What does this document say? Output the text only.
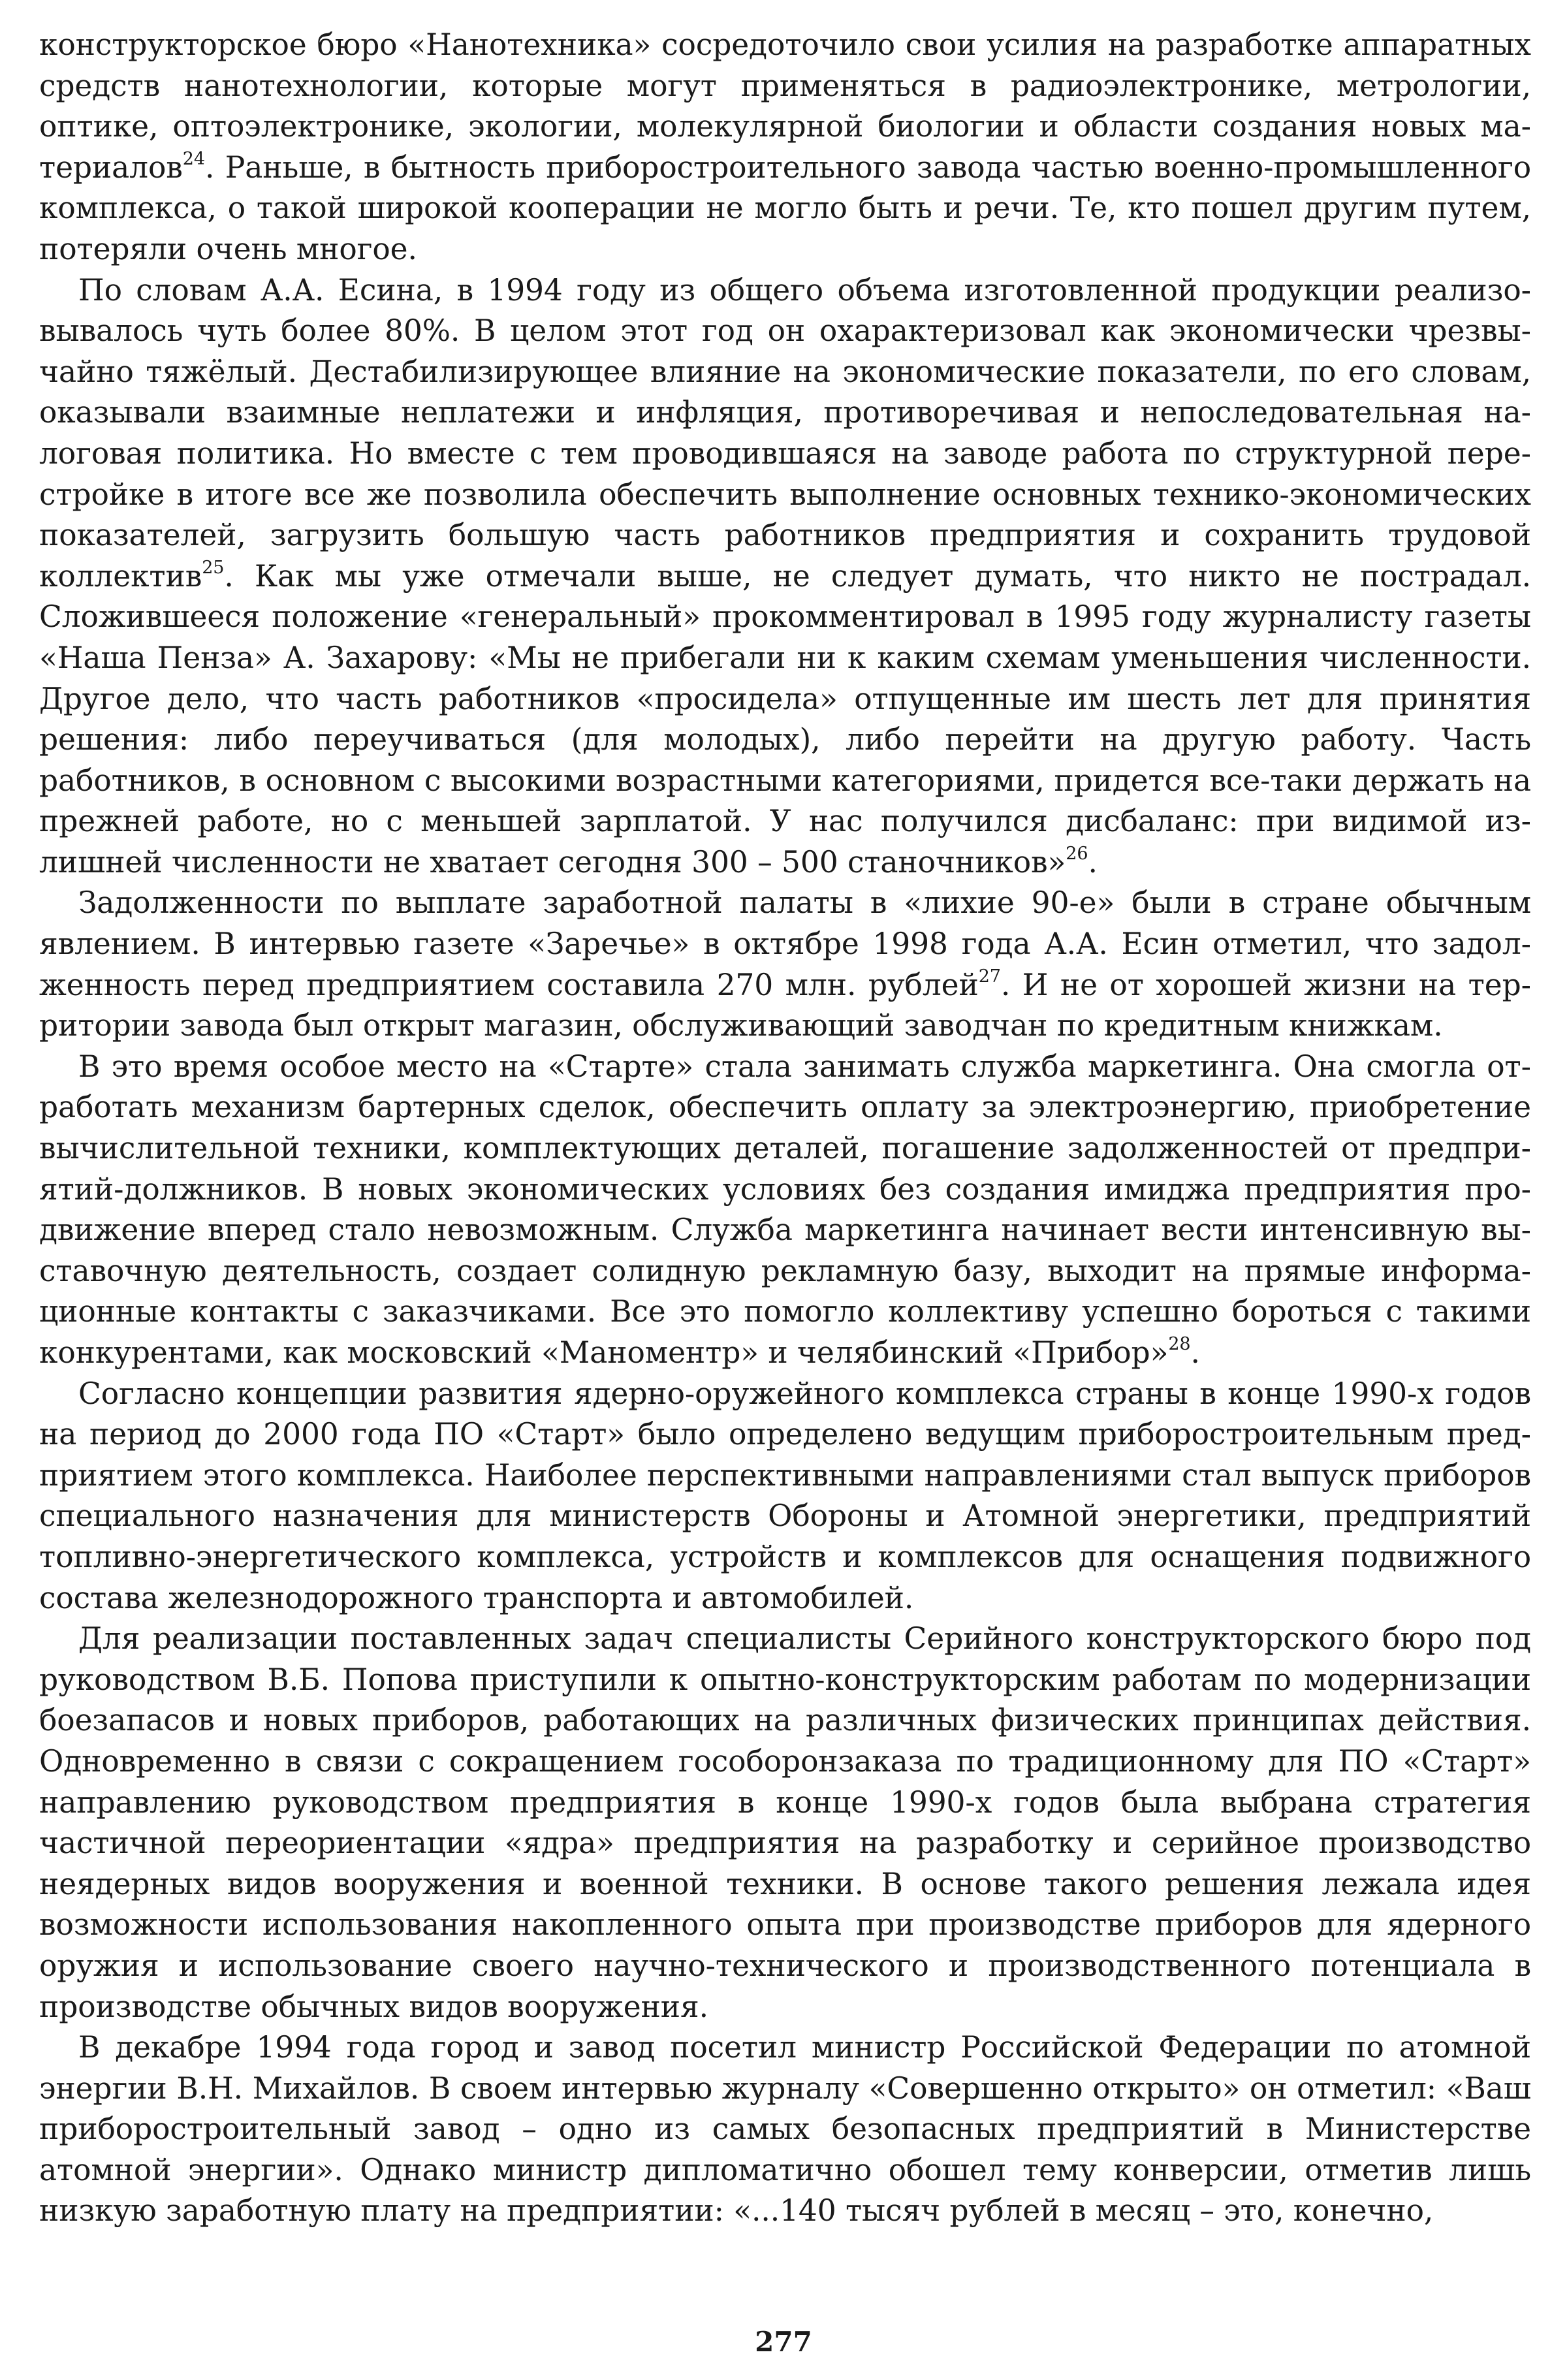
конструкторское бюро «Нанотехника» сосредоточило свои усилия на разработке аппаратных средств нанотехнологии, которые могут применяться в радиоэлектронике, метрологии, оптике, оптоэлектронике, экологии, молекулярной биологии и области создания новых материалов$^{24}$. Раньше, в бытность приборостроительного завода частью военно-промышленного комплекса, о такой широкой кооперации не могло быть и речи. Те, кто пошел другим путем, потеряли очень многое.

По словам А.А. Есина, в 1994 году из общего объема изготовленной продукции реализовывалось чуть более 80%. В целом этот год он охарактеризовал как экономически чрезвычайно тяжёлый. Дестабилизирующее влияние на экономические показатели, по его словам, оказывали взаимные неплатежи и инфляция, противоречивая и непоследовательная налоговая политика. Но вместе с тем проводившаяся на заводе работа по структурной перестройке в итоге все же позволила обеспечить выполнение основных технико-экономических показателей, загрузить большую часть работников предприятия и сохранить трудовой коллектив$^{25}$. Как мы уже отмечали выше, не следует думать, что никто не пострадал. Сложившееся положение «генеральный» прокомментировал в 1995 году журналисту газеты «Наша Пенза» А. Захарову: «Мы не прибегали ни к каким схемам уменьшения численности. Другое дело, что часть работников «просидела» отпущенные им шесть лет для принятия решения: либо переучиваться (для молодых), либо перейти на другую работу. Часть работников, в основном с высокими возрастными категориями, придется все-таки держать на прежней работе, но с меньшей зарплатой. У нас получился дисбаланс: при видимой излишней численности не хватает сегодня 300 – 500 станочников»$^{26}$.

Задолженности по выплате заработной палаты в «лихие 90-е» были в стране обычным явлением. В интервью газете «Заречье» в октябре 1998 года А.А. Есин отметил, что задолженность перед предприятием составила 270 млн. рублей$^{27}$. И не от хорошей жизни на территории завода был открыт магазин, обслуживающий заводчан по кредитным книжкам.

В это время особое место на «Старте» стала занимать служба маркетинга. Она смогла отработать механизм бартерных сделок, обеспечить оплату за электроэнергию, приобретение вычислительной техники, комплектующих деталей, погашение задолженностей от предприятий-должников. В новых экономических условиях без создания имиджа предприятия продвижение вперед стало невозможным. Служба маркетинга начинает вести интенсивную выставочную деятельность, создает солидную рекламную базу, выходит на прямые информационные контакты с заказчиками. Все это помогло коллективу успешно бороться с такими конкурентами, как московский «Маноментр» и челябинский «Прибор»$^{28}$.

Согласно концепции развития ядерно-оружейного комплекса страны в конце 1990-х годов на период до 2000 года ПО «Старт» было определено ведущим приборостроительным предприятием этого комплекса. Наиболее перспективными направлениями стал выпуск приборов специального назначения для министерств Обороны и Атомной энергетики, предприятий топливно-энергетического комплекса, устройств и комплексов для оснащения подвижного состава железнодорожного транспорта и автомобилей.

Для реализации поставленных задач специалисты Серийного конструкторского бюро под руководством В.Б. Попова приступили к опытно-конструкторским работам по модернизации боезапасов и новых приборов, работающих на различных физических принципах действия. Одновременно в связи с сокращением гособоронзаказа по традиционному для ПО «Старт» направлению руководством предприятия в конце 1990-х годов была выбрана стратегия частичной переориентации «ядра» предприятия на разработку и серийное производство неядерных видов вооружения и военной техники. В основе такого решения лежала идея возможности использования накопленного опыта при производстве приборов для ядерного оружия и использование своего научно-технического и производственного потенциала в производстве обычных видов вооружения.

В декабре 1994 года город и завод посетил министр Российской Федерации по атомной энергии В.Н. Михайлов. В своем интервью журналу «Совершенно открыто» он отметил: «Ваш приборостроительный завод – одно из самых безопасных предприятий в Министерстве атомной энергии». Однако министр дипломатично обошел тему конверсии, отметив лишь низкую заработную плату на предприятии: «...140 тысяч рублей в месяц – это, конечно,

277
